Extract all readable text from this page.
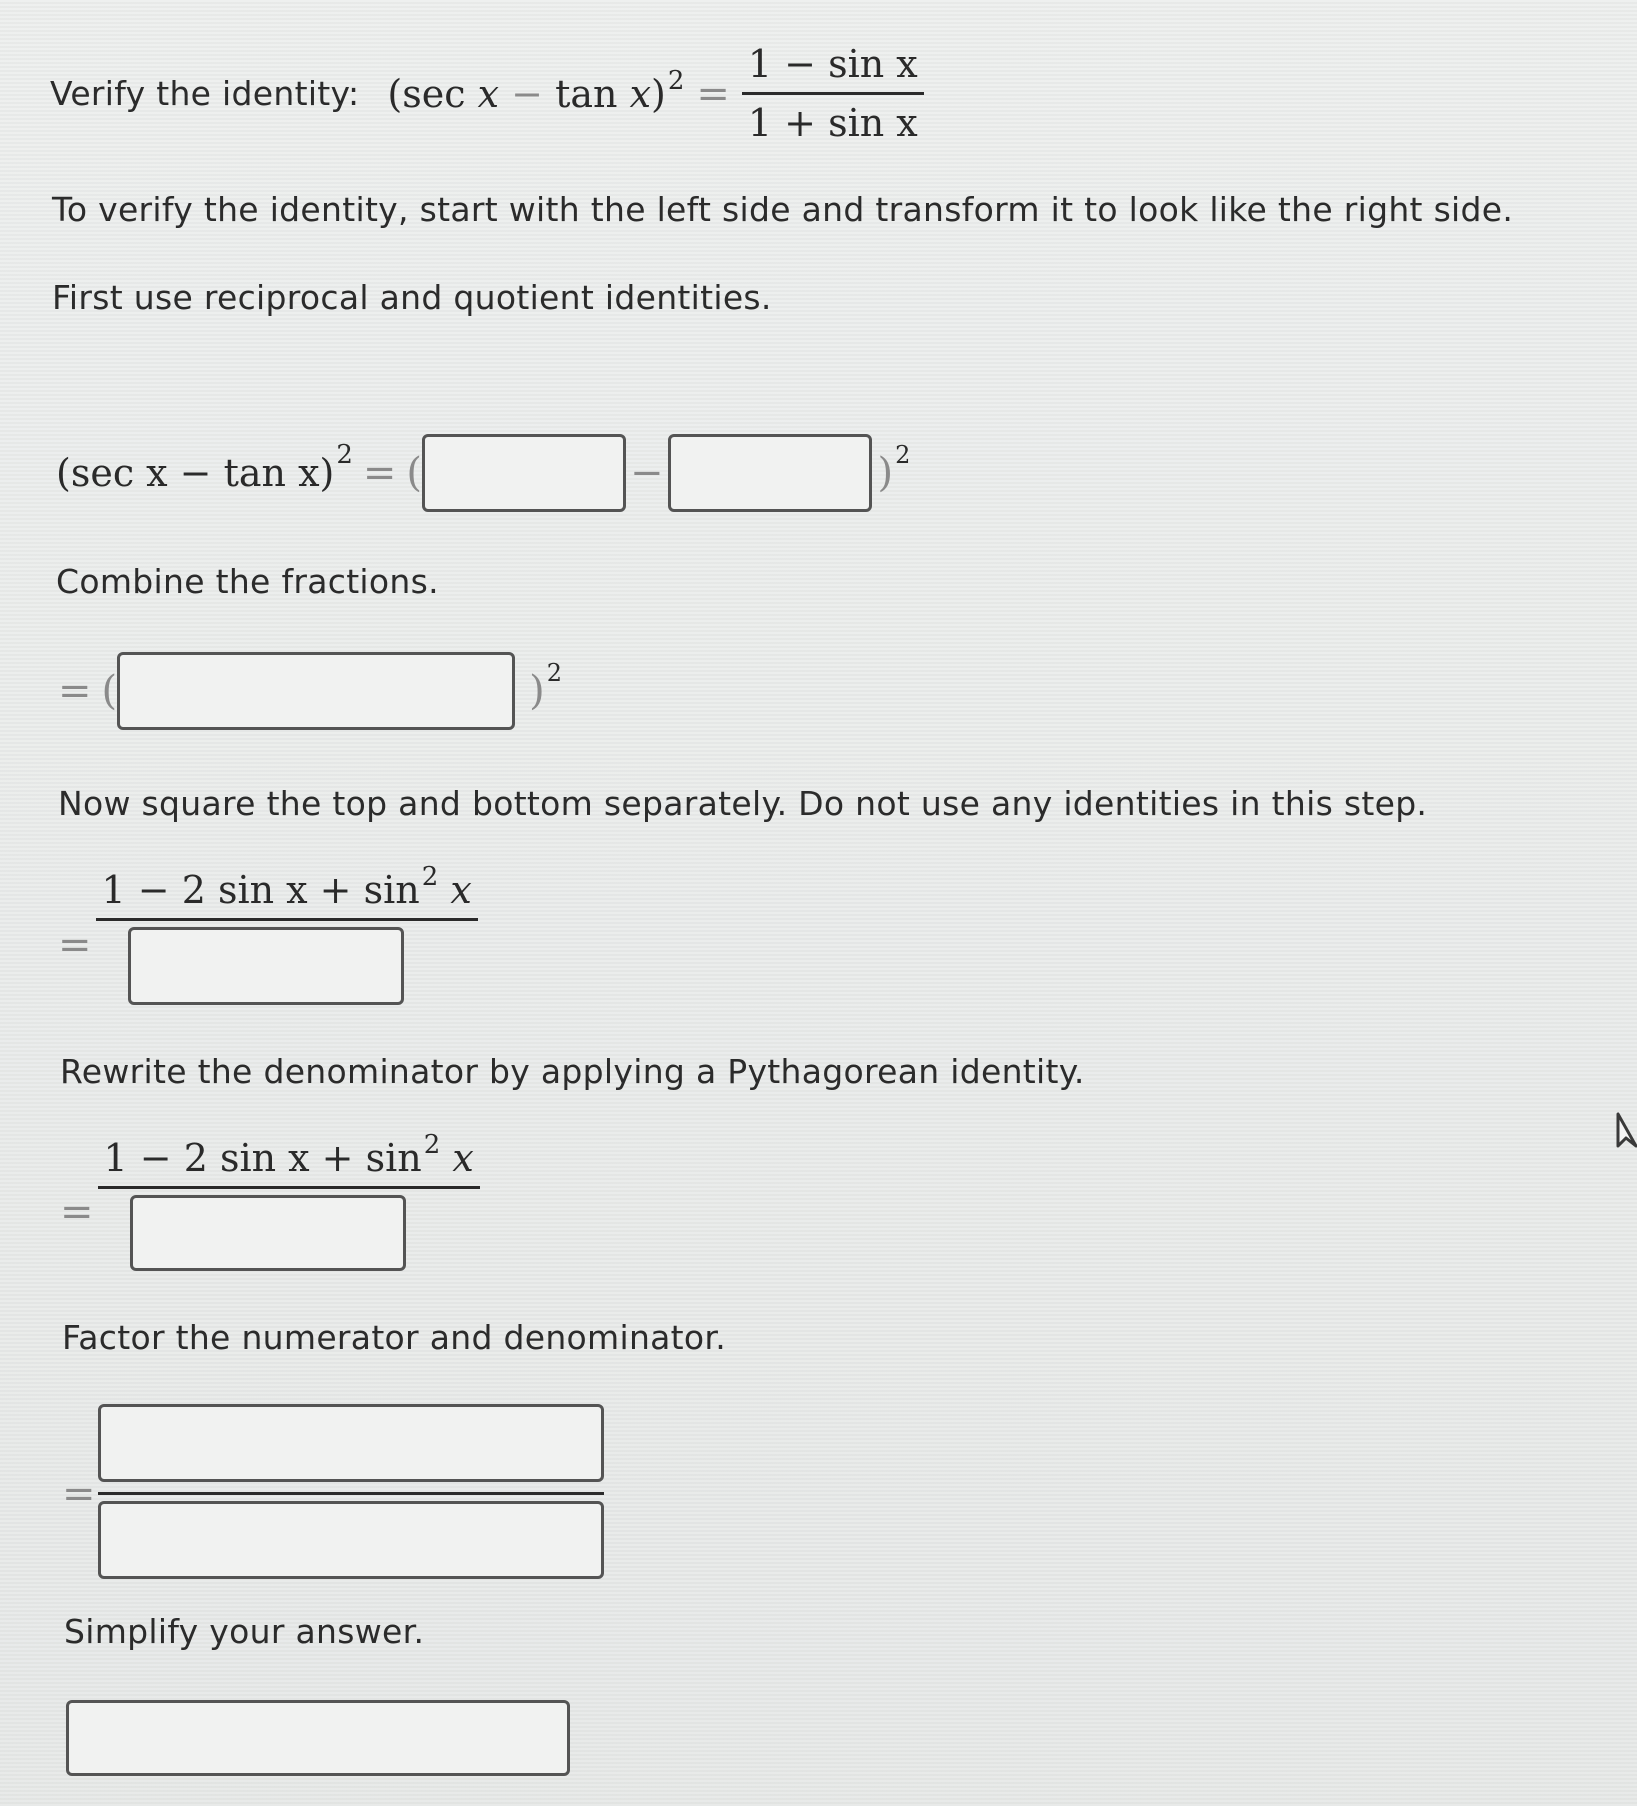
Verify the identity: (sec $x - \tan x)^2 = \frac{\text{1 − sin x}}{\text{1 + sin x}}$
To verify the identity, start with the left side and transform it to look like the right side.
First use reciprocal and quotient identities.
(sec x − tan x) 2 = (	−	) 2
Combine the fractions.
= (	) 2
Now square the top and bottom separately. Do not use any identities in this step.
=
1 − 2 $\sin x + \sin^2 x$
Rewrite the denominator by applying a Pythagorean identity.
=
1 − 2 $\sin x + \sin^2 x$
Factor the numerator and denominator.
=
Simplify your answer.
